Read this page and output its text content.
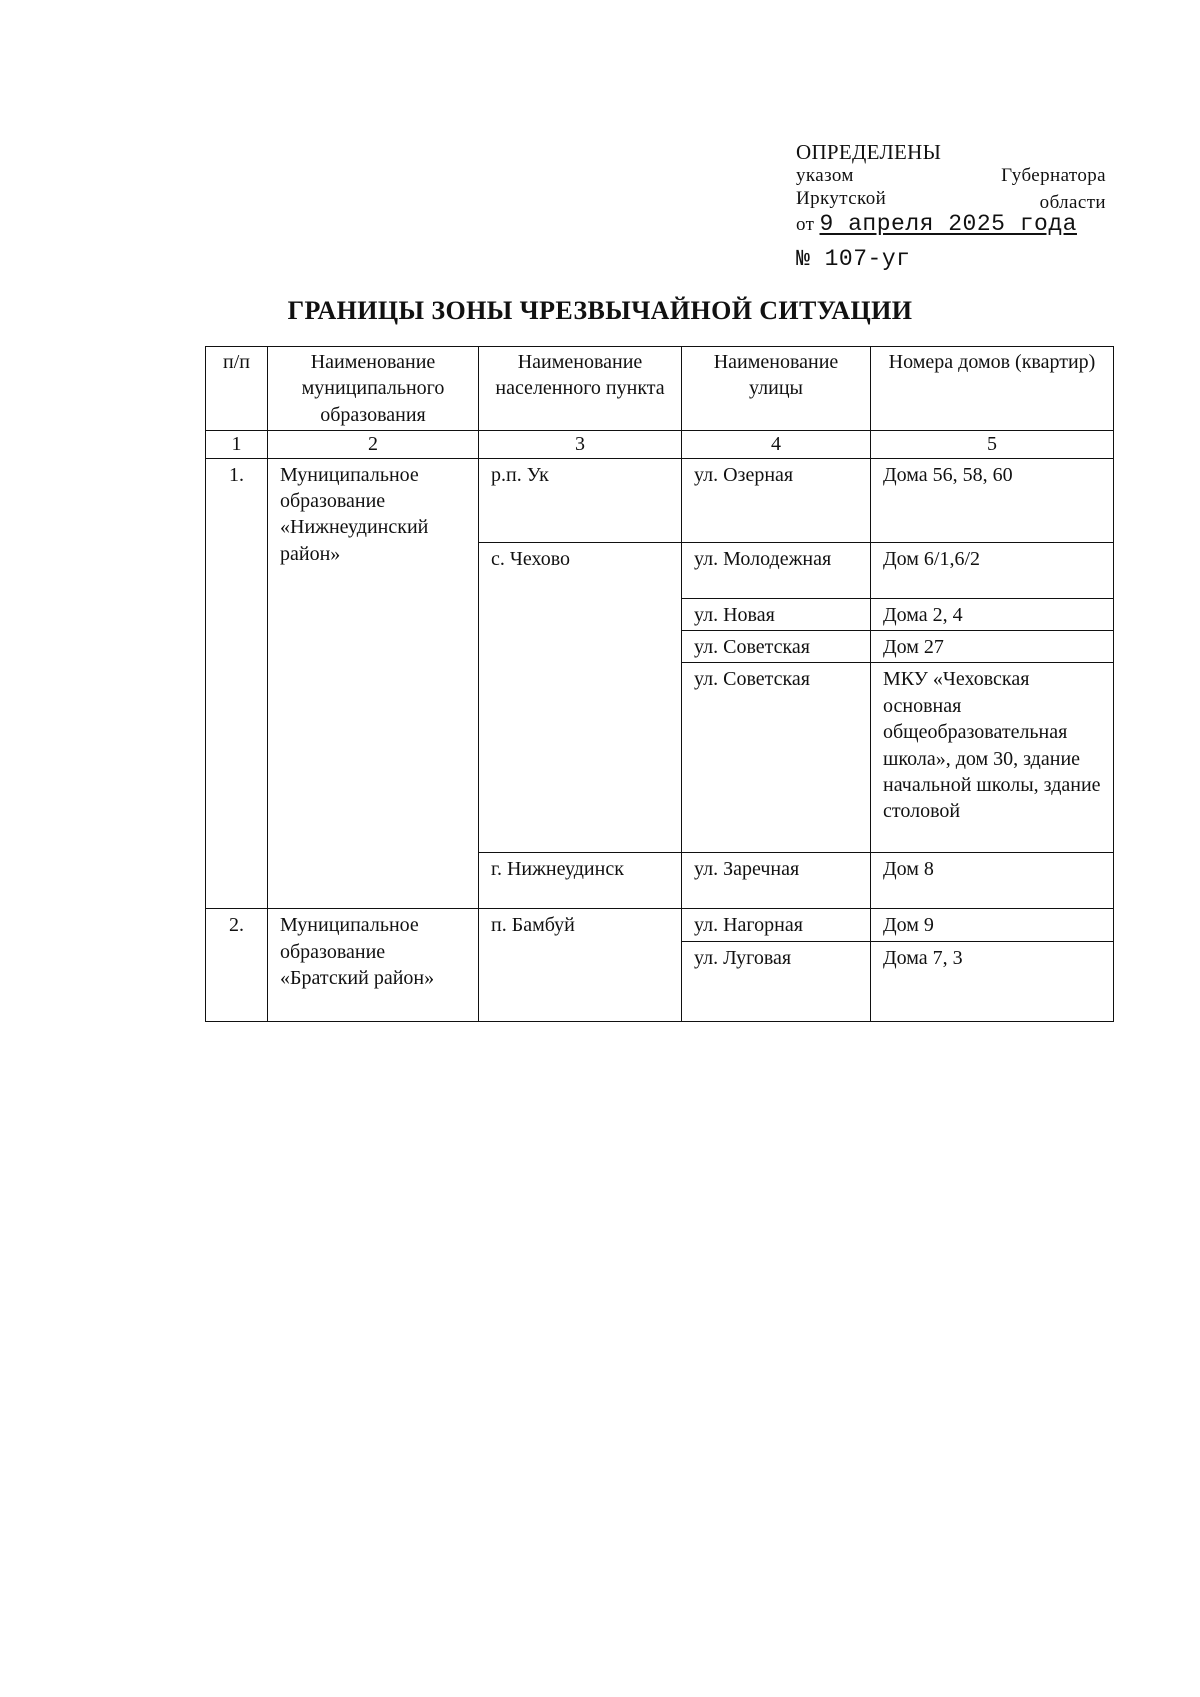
ОПРЕДЕЛЕНЫ
указом	Губернатора
Иркутской	области
от 9 апреля 2025 года
№ 107-уг
ГРАНИЦЫ ЗОНЫ ЧРЕЗВЫЧАЙНОЙ СИТУАЦИИ
п/п	Наименование муниципального образования	Наименование населенного пункта	Наименование улицы	Номера домов (квартир)
1	2	3	4	5
1.	Муниципальное образование «Нижнеудинский район»	р.п. Ук	ул. Озерная	Дома 56, 58, 60
		с. Чехово	ул. Молодежная	Дом 6/1,6/2
			ул. Новая	Дома 2, 4
			ул. Советская	Дом 27
			ул. Советская	МКУ «Чеховская основная общеобразовательная школа», дом 30, здание начальной школы, здание столовой
		г. Нижнеудинск	ул. Заречная	Дом 8
2.	Муниципальное образование «Братский район»	п. Бамбуй	ул. Нагорная	Дом 9
			ул. Луговая	Дома 7, 3
